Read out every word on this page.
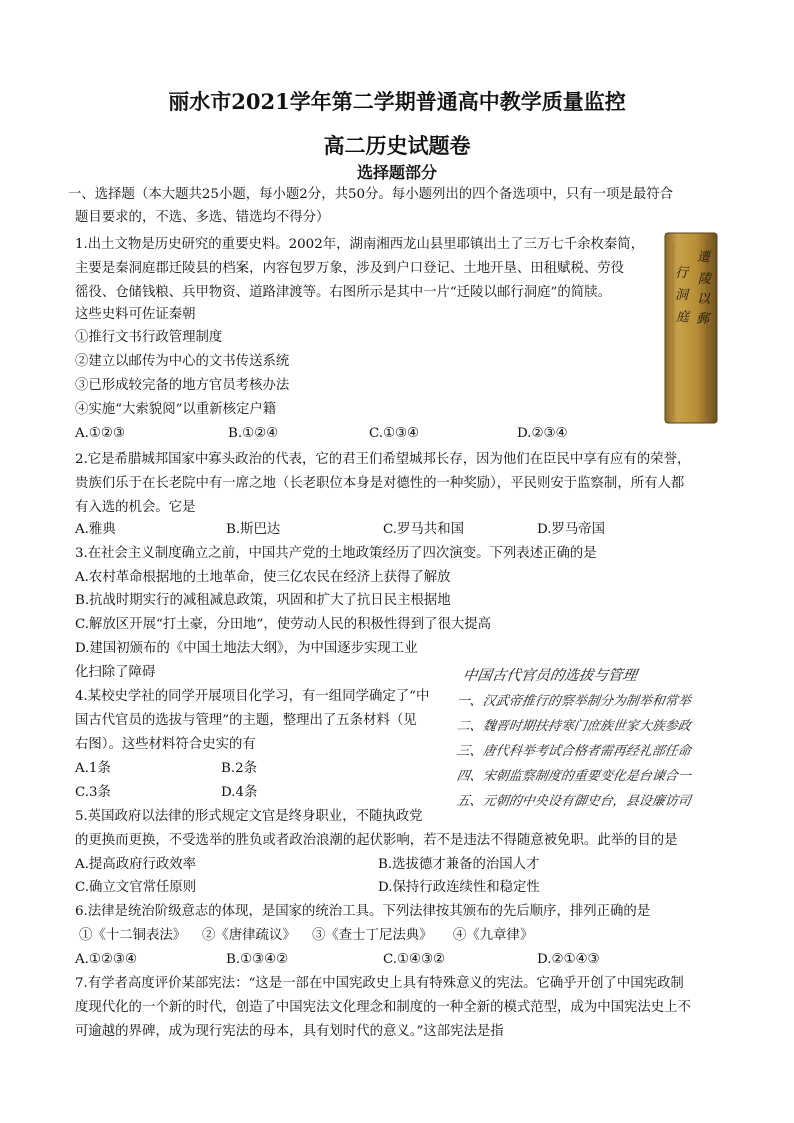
丽水市2021学年第二学期普通高中教学质量监控
高二历史试题卷
选择题部分
一、选择题（本大题共25小题，每小题2分，共50分。每小题列出的四个备选项中，只有一项是最符合
题目要求的，不选、多选、错选均不得分）
1.出土文物是历史研究的重要史料。2002年，湖南湘西龙山县里耶镇出土了三万七千余枚秦简，
主要是秦洞庭郡迁陵县的档案，内容包罗万象，涉及到户口登记、土地开垦、田租赋税、劳役
徭役、仓储钱粮、兵甲物资、道路津渡等。右图所示是其中一片“迁陵以邮行洞庭”的简牍。
这些史料可佐证秦朝
①推行文书行政管理制度
②建立以邮传为中心的文书传送系统
③已形成较完备的地方官员考核办法
④实施“大索貌阅”以重新核定户籍
A.①②③	B.①②④	C.①③④	D.②③④
遷
陵
以
郵
行
洞
庭
2.它是希腊城邦国家中寡头政治的代表，它的君王们希望城邦长存，因为他们在臣民中享有应有的荣誉，
贵族们乐于在长老院中有一席之地（长老职位本身是对德性的一种奖励），平民则安于监察制，所有人都
有入选的机会。它是
A.雅典	B.斯巴达	C.罗马共和国	D.罗马帝国
3.在社会主义制度确立之前，中国共产党的土地政策经历了四次演变。下列表述正确的是
A.农村革命根据地的土地革命，使三亿农民在经济上获得了解放
B.抗战时期实行的减租减息政策，巩固和扩大了抗日民主根据地
C.解放区开展“打土豪，分田地”，使劳动人民的积极性得到了很大提高
D.建国初颁布的《中国土地法大纲》，为中国逐步实现工业
化扫除了障碍
4.某校史学社的同学开展项目化学习，有一组同学确定了“中
国古代官员的选拔与管理”的主题，整理出了五条材料（见
右图）。这些材料符合史实的有
A.1条	B.2条
C.3条	D.4条
中国古代官员的选拔与管理
一、汉武帝推行的察举制分为制举和常举
二、魏晋时期扶持寒门庶族世家大族参政
三、唐代科举考试合格者需再经礼部任命
四、宋朝监察制度的重要变化是台谏合一
五、元朝的中央设有御史台，县设廉访司
5.英国政府以法律的形式规定文官是终身职业，不随执政党
的更换而更换，不受选举的胜负或者政治浪潮的起伏影响，若不是违法不得随意被免职。此举的目的是
A.提高政府行政效率	B.选拔德才兼备的治国人才
C.确立文官常任原则	D.保持行政连续性和稳定性
6.法律是统治阶级意志的体现，是国家的统治工具。下列法律按其颁布的先后顺序，排列正确的是
①《十二铜表法》 ②《唐律疏议》 ③《查士丁尼法典》 ④《九章律》
A.①②③④	B.①③④②	C.①④③②	D.②①④③
7.有学者高度评价某部宪法：“这是一部在中国宪政史上具有特殊意义的宪法。它确乎开创了中国宪政制
度现代化的一个新的时代，创造了中国宪法文化理念和制度的一种全新的模式范型，成为中国宪法史上不
可逾越的界碑，成为现行宪法的母本，具有划时代的意义。”这部宪法是指
